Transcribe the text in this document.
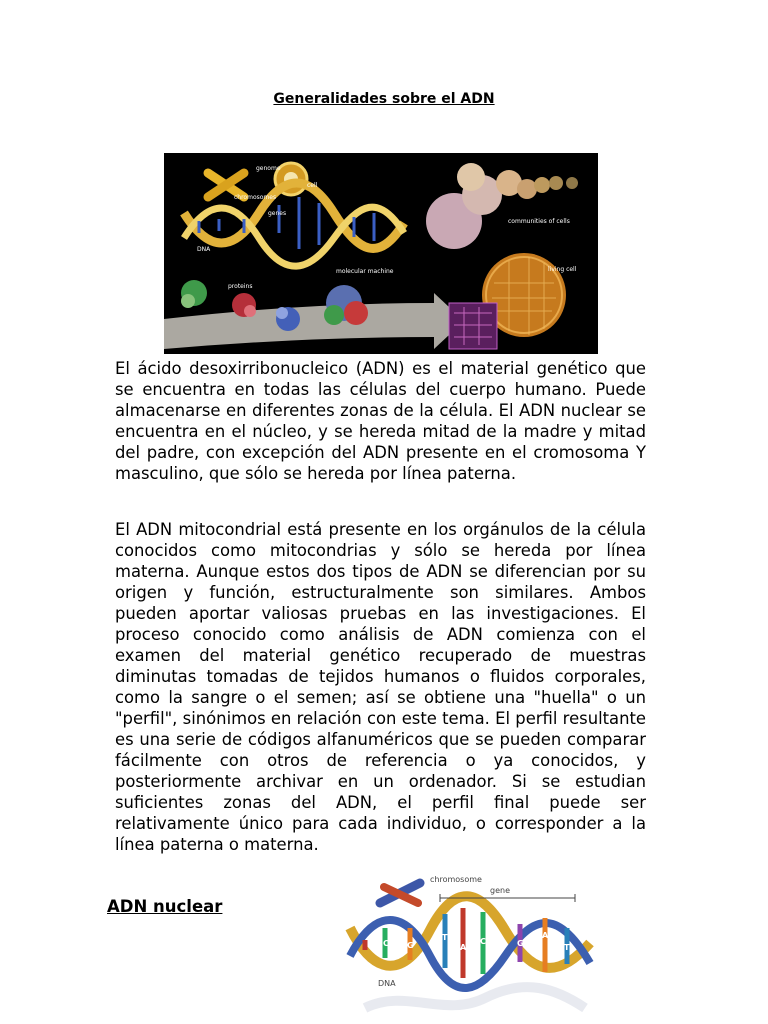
Generalidades sobre el ADN
genome
cell
chromosomes
genes
DNA
proteins
molecular machine
communities of cells
living cell

El ácido desoxirribonucleico (ADN) es el material genético que se encuentra en todas las células del cuerpo humano. Puede almacenarse en diferentes zonas de la célula. El ADN nuclear se encuentra en el núcleo, y se hereda mitad de la madre y mitad del padre, con excepción del ADN presente en el cromosoma Y masculino, que sólo se hereda por línea paterna.

El ADN mitocondrial está presente en los orgánulos de la célula conocidos como mitocondrias y sólo se hereda por línea materna. Aunque estos dos tipos de ADN se diferencian por su origen y función, estructuralmente son similares. Ambos pueden aportar valiosas pruebas en las investigaciones. El proceso conocido como análisis de ADN comienza con el examen del material genético recuperado de muestras diminutas tomadas de tejidos humanos o fluidos corporales, como la sangre o el semen; así se obtiene una "huella" o un "perfil", sinónimos en relación con este tema. El perfil resultante es una serie de códigos alfanuméricos que se pueden comparar fácilmente con otros de referencia o ya conocidos, y posteriormente archivar en un ordenador. Si se estudian suficientes zonas del ADN, el perfil final puede ser relativamente único para cada individuo, o corresponder a la línea paterna o materna.

ADN nuclear
T
A
C	G
A
T
C G
chromosome
gene
DNA
